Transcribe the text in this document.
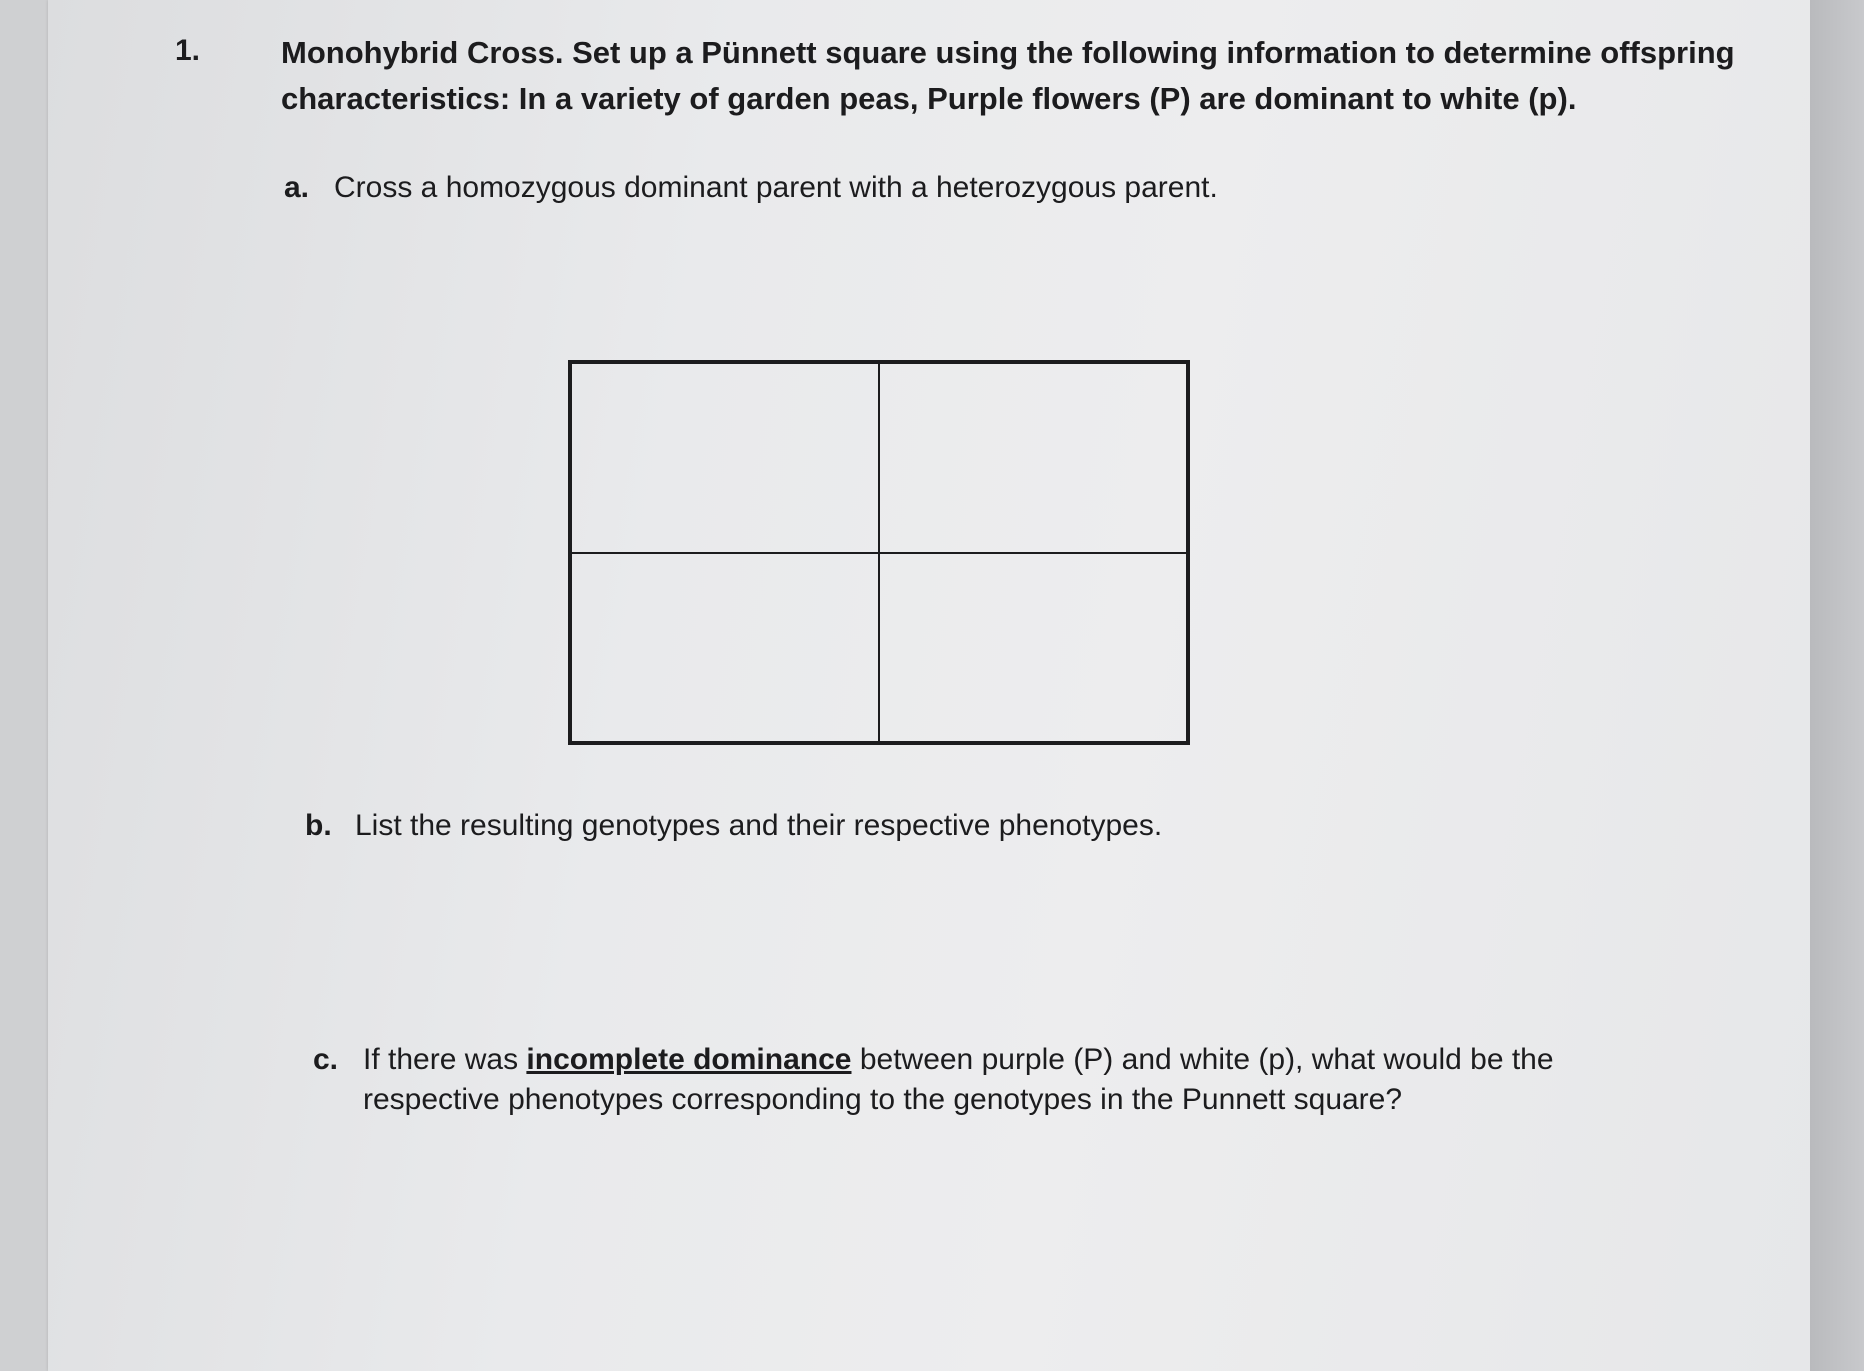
1.	Monohybrid Cross. Set up a Pünnett square using the following information to determine offspring
characteristics: In a variety of garden peas, Purple flowers (P) are dominant to white (p).
a. Cross a homozygous dominant parent with a heterozygous parent.
b. List the resulting genotypes and their respective phenotypes.
c. If there was incomplete dominance between purple (P) and white (p), what would be the
respective phenotypes corresponding to the genotypes in the Punnett square?
